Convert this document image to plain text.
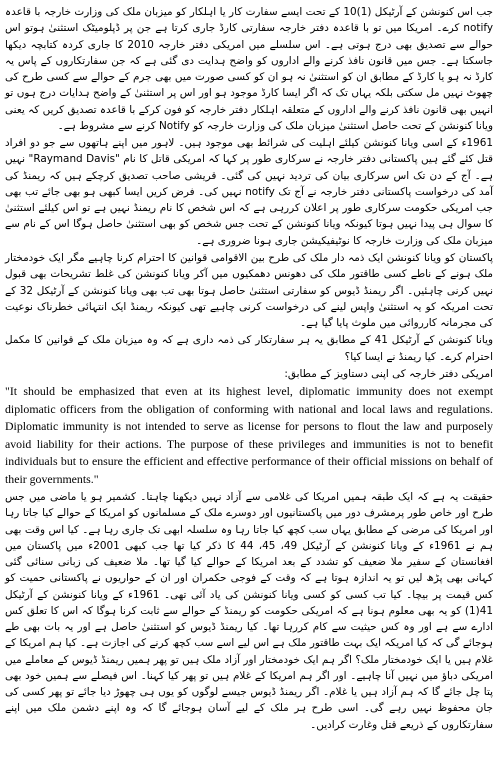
جب اس کنونشن کے آرٹیکل (1)10 کے تحت ایسے سفارت کار یا اہلکار کو میزبان ملک کی وزارت خارجہ با قاعدہ notify کرے۔ امریکا میں تو با قاعدہ دفتر خارجہ سفارتی کارڈ جاری کرتا ہے جن پر ڈپلومیٹک استثنیٰ ہوتو اس حوالے سے تصدیق بھی درج ہوتی ہے۔ اس سلسلے میں امریکی دفتر خارجہ 2010 کا جاری کردہ کتابچہ دیکھا جاسکتا ہے۔ جس میں قانون نافذ کرنے والے اداروں کو واضح ہدایت دی گئی ہے کہ جن سفارتکاروں کے پاس یہ کارڈ نہ ہو یا کارڈ کے مطابق ان کو استثنیٰ نہ ہو ان کو کسی صورت میں بھی جرم کے حوالے سے کسی طرح کی چھوٹ نہیں مل سکتی بلکہ یہاں تک کہ اگر ایسا کارڈ موجود ہو اور اس پر استثنیٰ کے واضح ہدایات درج ہوں تو انہیں بھی قانون نافذ کرنے والے اداروں کے متعلقہ اہلکار دفتر خارجہ کو فون کرکے با قاعدہ تصدیق کریں کہ یعنی ویانا کنونشن کے تحت حاصل استثنیٰ میزبان ملک کی وزارت خارجہ کو Notify کرنے سے مشروط ہے۔

1961ء کے اسی ویانا کنونشن کیلئے اہلیت کی شرائط بھی موجود ہیں۔ لاہور میں اپنے ہاتھوں سے جو دو افراد قتل کئے گئے ہیں پاکستانی دفتر خارجہ نے سرکاری طور پر کہا کہ امریکی قاتل کا نام "Raymand Davis" نہیں ہے۔ آج کے دن تک اس سرکاری بیان کی تردید نہیں کی گئی۔ قریشی صاحب تصدیق کرچکے ہیں کہ ریمنڈ کی آمد کی درخواست پاکستانی دفتر خارجہ نے آج تک notify نہیں کی۔ فرض کریں ایسا کبھی ہو بھی جائے تب بھی جب امریکی حکومت سرکاری طور پر اعلان کررہی ہے کہ اس شخص کا نام ریمنڈ نہیں ہے تو اس کیلئے استثنیٰ کا سوال ہی پیدا نہیں ہوتا کیونکہ ویانا کنونشن کے تحت جس شخص کو بھی استثنیٰ حاصل ہوگا اس کے نام سے میزبان ملک کی وزارت خارجہ کا نوٹیفیکیشن جاری ہونا ضروری ہے۔

پاکستان کو ویانا کنونشن ایک ذمہ دار ملک کی طرح بین الاقوامی قوانین کا احترام کرنا چاہیے مگر ایک خودمختار ملک ہونے کے ناطے کسی طاقتور ملک کی دھونس دھمکیوں میں آکر ویانا کنونشن کی غلط تشریحات بھی قبول نہیں کرنی چاہئیں۔ اگر ریمنڈ ڈیوس کو سفارتی استثنیٰ حاصل ہوتا بھی تب بھی ویانا کنونشن کے آرٹیکل 32 کے تحت امریکہ کو یہ استثنیٰ واپس لینے کی درخواست کرنی چاہیے تھی کیونکہ ریمنڈ ایک انتہائی خطرناک نوعیت کی مجرمانہ کارروائی میں ملوث پایا گیا ہے۔

ویانا کنونشن کے آرٹیکل 41 کے مطابق یہ ہر سفارتکار کی ذمہ داری ہے کہ وہ میزبان ملک کے قوانین کا مکمل احترام کرے۔ کیا ریمنڈ نے ایسا کیا؟

امریکی دفتر خارجہ کی اپنی دستاویز کے مطابق:

"It should be emphasized that even at its highest level, diplomatic immunity does not exempt diplomatic officers from the obligation of conforming with national and local laws and regulations. Diplomatic immunity is not intended to serve as license for persons to flout the law and purposely avoid liability for their actions. The purpose of these privileges and immunities is not to benefit individuals but to ensure the efficient and effective performance of their official missions on behalf of their governments."

حقیقت یہ ہے کہ ایک طبقہ ہمیں امریکا کی غلامی سے آزاد نہیں دیکھنا چاہتا۔ کشمیر ہو یا ماضی میں جس طرح اور خاص طور پرمشرف دور میں پاکستانیوں اور دوسرے ملک کے مسلمانوں کو امریکا کے حوالے کیا جاتا رہا اور امریکا کی مرضی کے مطابق یہاں سب کچھ کیا جاتا رہا وہ سلسلہ ابھی تک جاری رہا ہے۔ کیا اس وقت بھی ہم نے 1961ء کے ویانا کنونشن کے آرٹیکل 49، 45، 44 کا ذکر کیا تھا جب کبھی 2001ء میں پاکستان میں افغانستان کے سفیر ملا ضعیف کو تشدد کے بعد امریکا کے حوالے کیا گیا تھا۔ ملا ضعیف کی زبانی سنائی گئی کہانی بھی پڑھ لیں تو یہ اندازہ ہوتا ہے کہ وقت کے فوجی حکمران اور ان کے حواریوں نے پاکستانی حمیت کو کس قیمت پر بیچا۔ کیا تب کسی کو کسی ویانا کنونشن کی یاد آئی تھی۔ 1961ء کے ویانا کنونشن کے آرٹیکل 41(1) کو یہ بھی معلوم ہونا ہے کہ امریکی حکومت کو ریمنڈ کے حوالے سے ثابت کرنا ہوگا کہ اس کا تعلق کس ادارے سے ہے اور وہ کس حیثیت سے کام کررہا تھا۔ کیا ریمنڈ ڈیوس کو استثنیٰ حاصل ہے اور یہ بات بھی طے ہوجائے گی کہ کیا امریکہ ایک بہت طاقتور ملک ہے اس لیے اسے سب کچھ کرنے کی اجازت ہے۔ کیا ہم امریکا کے غلام ہیں یا ایک خودمختار ملک؟ اگر ہم ایک خودمختار اور آزاد ملک ہیں تو پھر ہمیں ریمنڈ ڈیوس کے معاملے میں امریکی دباؤ میں نہیں آنا چاہیے۔ اور اگر ہم امریکا کے غلام ہیں تو پھر کیا کہنا۔ اس فیصلے سے ہمیں خود بھی پتا چل جائے گا کہ ہم آزاد ہیں یا غلام۔ اگر ریمنڈ ڈیوس جیسے لوگوں کو یوں ہی چھوڑ دیا جائے تو پھر کسی کی جان محفوظ نہیں رہے گی۔ اسی طرح ہر ملک کے لیے آسان ہوجائے گا کہ وہ اپنے دشمن ملک میں اپنے سفارتکاروں کے ذریعے قتل وغارت کرادیں۔
